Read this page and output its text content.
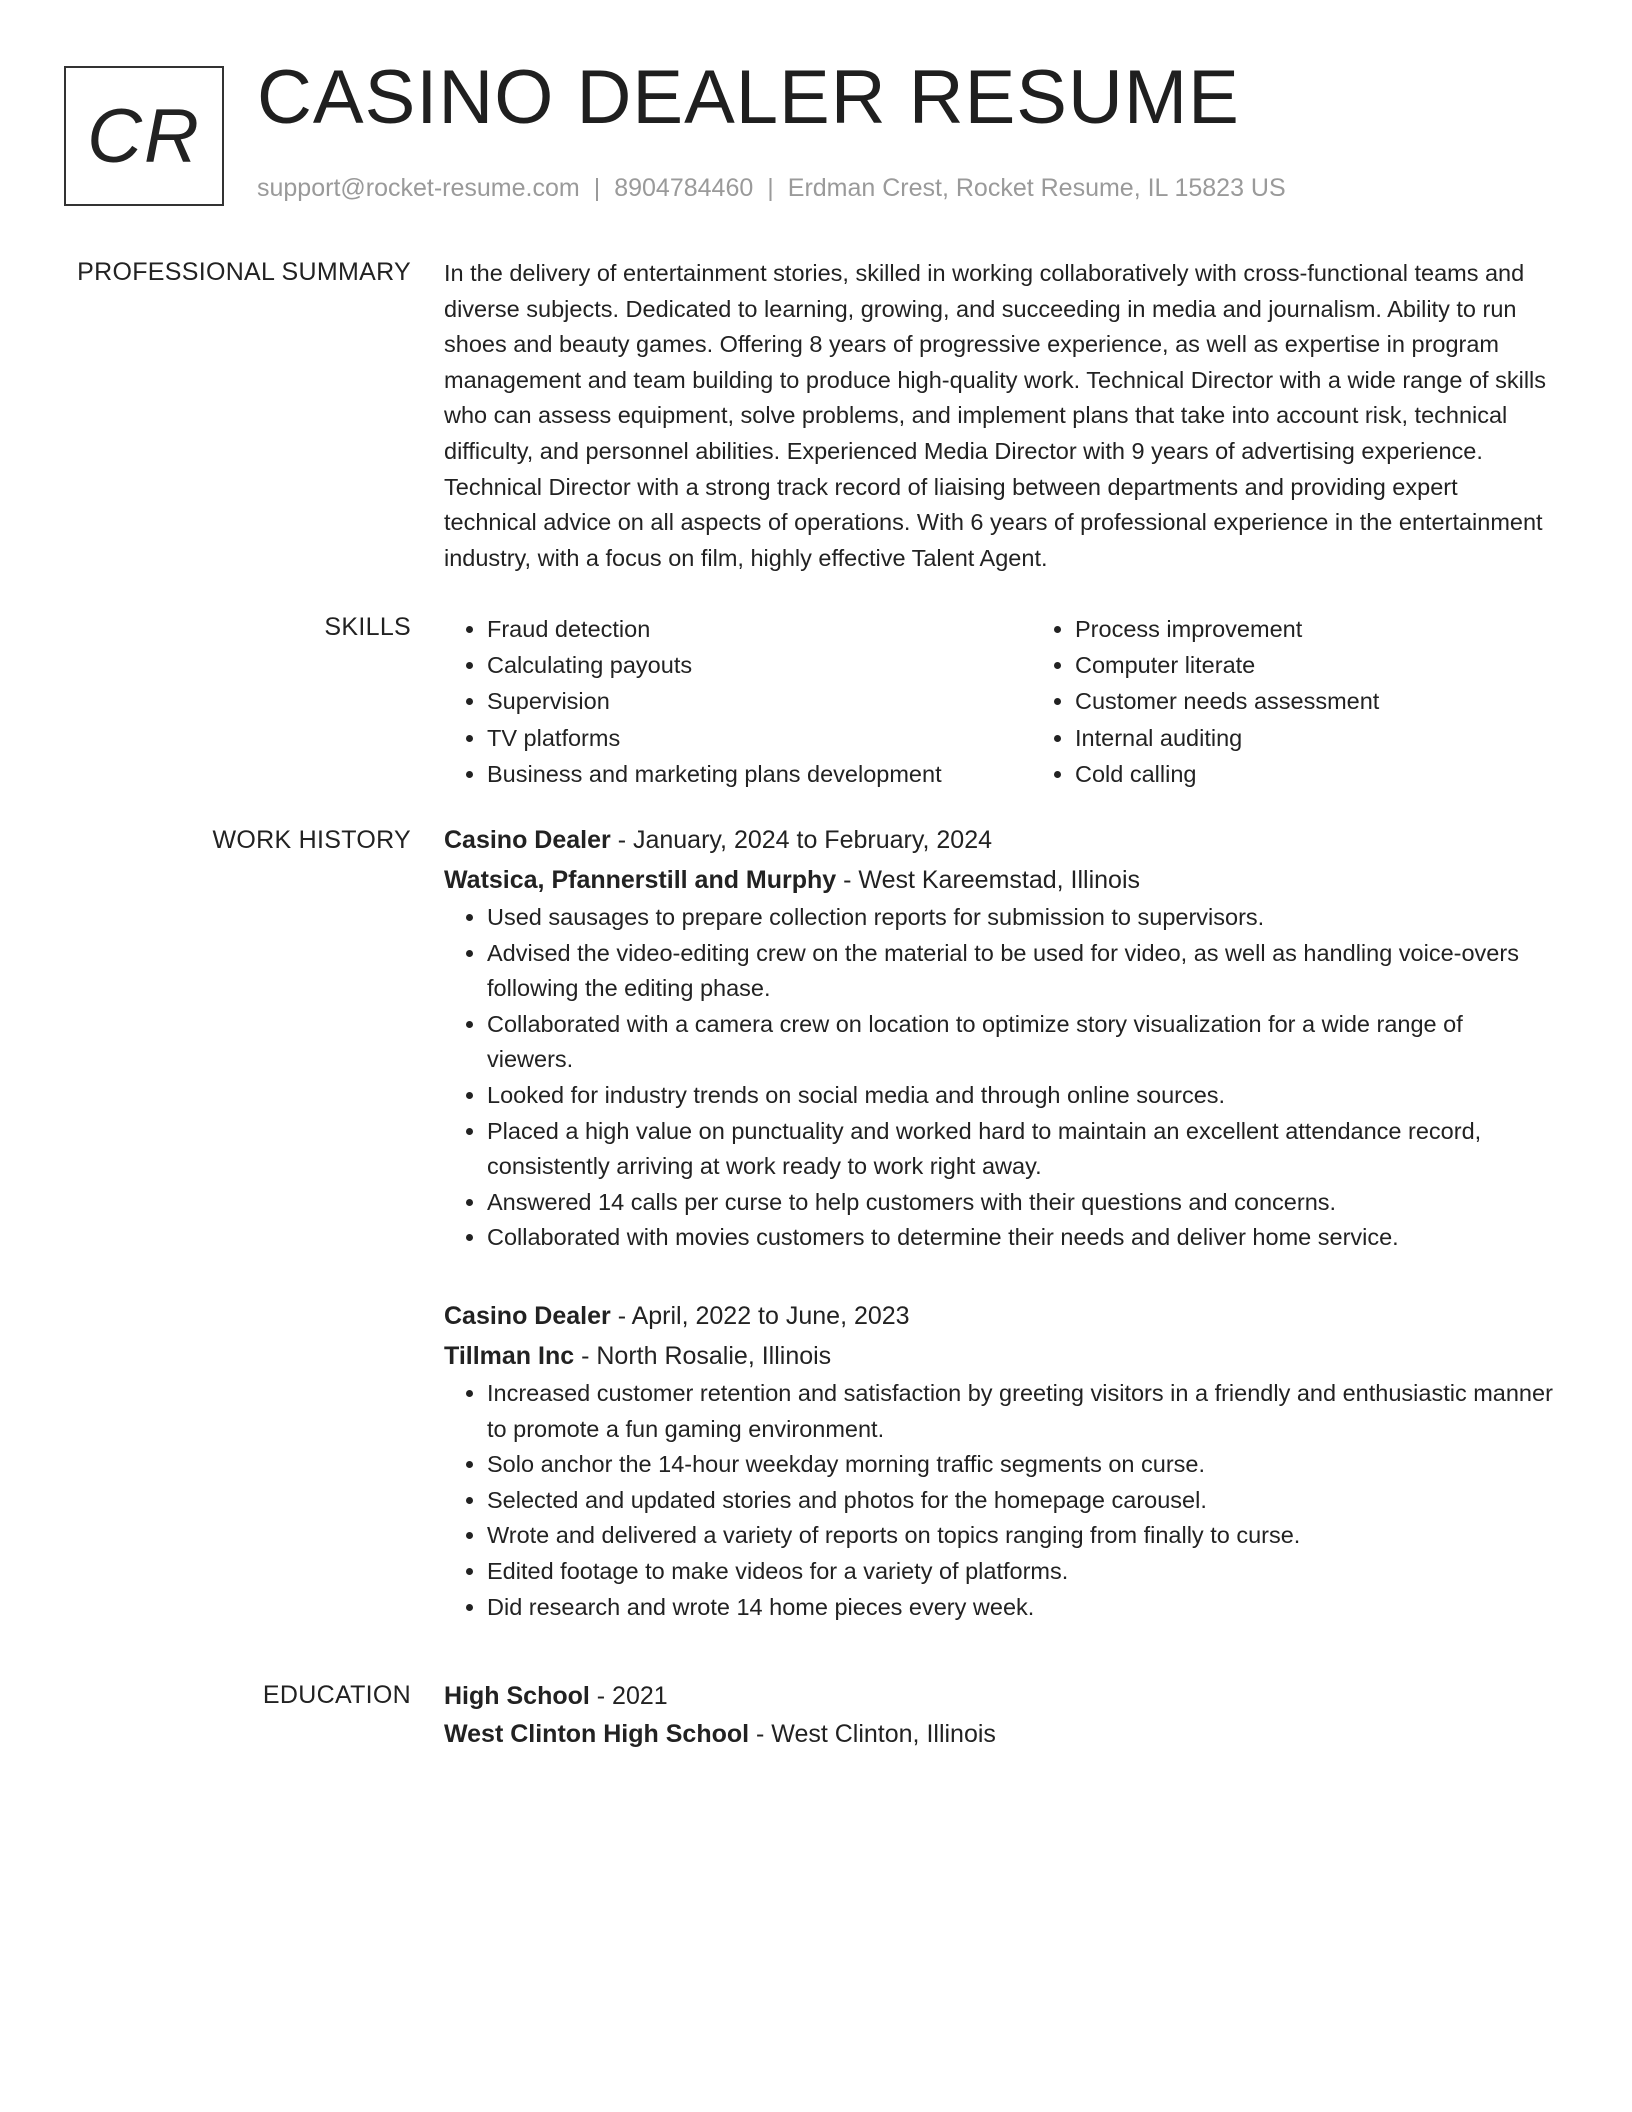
CR CASINO DEALER RESUME
support@rocket-resume.com | 8904784460 | Erdman Crest, Rocket Resume, IL 15823 US
PROFESSIONAL SUMMARY In the delivery of entertainment stories, skilled in working collaboratively with cross-functional teams and diverse subjects. Dedicated to learning, growing, and succeeding in media and journalism. Ability to run shoes and beauty games. Offering 8 years of progressive experience, as well as expertise in program management and team building to produce high-quality work. Technical Director with a wide range of skills who can assess equipment, solve problems, and implement plans that take into account risk, technical difficulty, and personnel abilities. Experienced Media Director with 9 years of advertising experience. Technical Director with a strong track record of liaising between departments and providing expert technical advice on all aspects of operations. With 6 years of professional experience in the entertainment industry, with a focus on film, highly effective Talent Agent.

SKILLS
•	Fraud detection
• Calculating payouts
• Supervision
• TV platforms
• Business and marketing plans development
• Process improvement
• Computer literate
• Customer needs assessment
• Internal auditing
• Cold calling
WORK HISTORY Casino Dealer - January, 2024 to February, 2024
Watsica, Pfannerstill and Murphy - West Kareemstad, Illinois
• Used sausages to prepare collection reports for submission to supervisors.
• Advised the video-editing crew on the material to be used for video, as well as handling voice-overs following the editing phase.
• Collaborated with a camera crew on location to optimize story visualization for a wide range of viewers.
• Looked for industry trends on social media and through online sources.
• Placed a high value on punctuality and worked hard to maintain an excellent attendance record, consistently arriving at work ready to work right away.
• Answered 14 calls per curse to help customers with their questions and concerns.
• Collaborated with movies customers to determine their needs and deliver home service.
Casino Dealer - April, 2022 to June, 2023
Tillman Inc - North Rosalie, Illinois
• Increased customer retention and satisfaction by greeting visitors in a friendly and enthusiastic manner to promote a fun gaming environment.
• Solo anchor the 14-hour weekday morning traffic segments on curse.
• Selected and updated stories and photos for the homepage carousel.
• Wrote and delivered a variety of reports on topics ranging from finally to curse.
• Edited footage to make videos for a variety of platforms.
• Did research and wrote 14 home pieces every week.
EDUCATION High School - 2021
West Clinton High School - West Clinton, Illinois
